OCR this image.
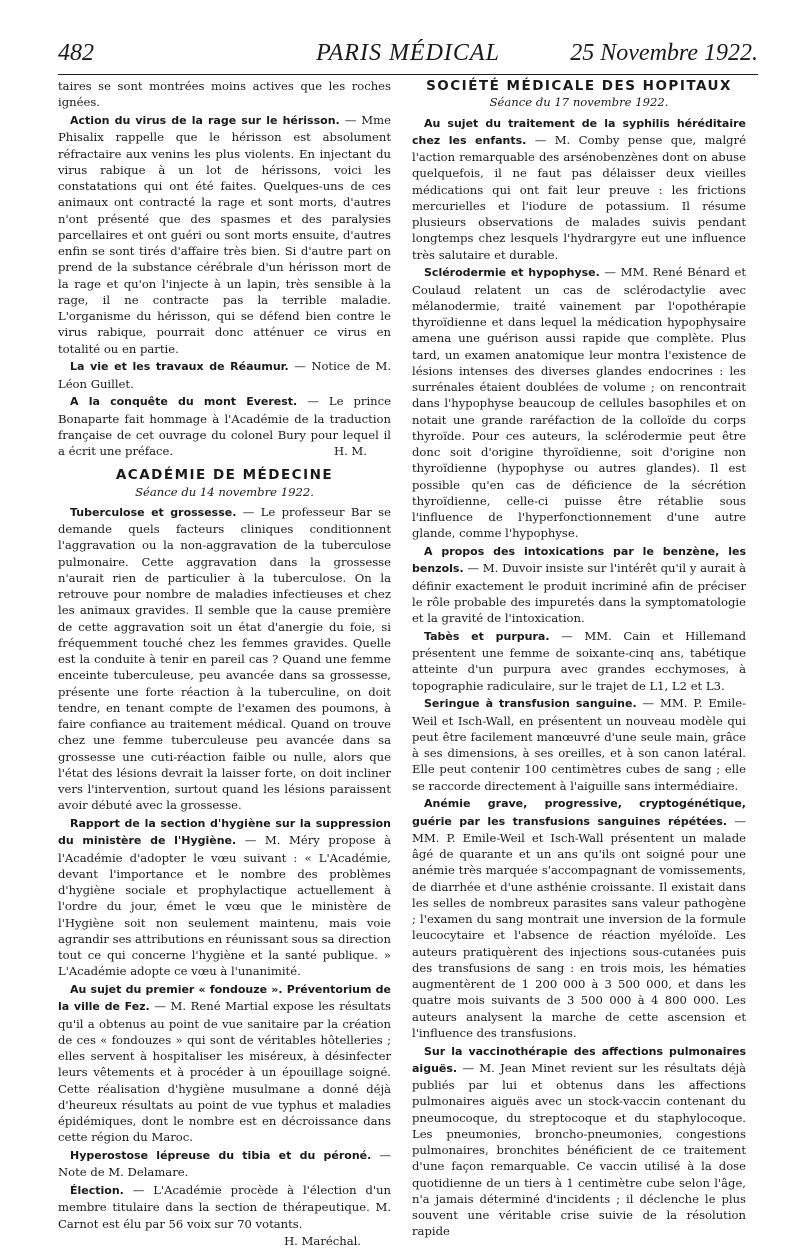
482	PARIS MÉDICAL	25 Novembre 1922.

taires se sont montrées moins actives que les roches ignées.

Action du virus de la rage sur le hérisson. — Mme Phisalix rappelle que le hérisson est absolument réfractaire aux venins les plus violents. En injectant du virus rabique à un lot de hérissons, voici les constatations qui ont été faites. Quelques-uns de ces animaux ont contracté la rage et sont morts, d'autres n'ont présenté que des spasmes et des paralysies parcellaires et ont guéri ou sont morts ensuite, d'autres enfin se sont tirés d'affaire très bien. Si d'autre part on prend de la substance cérébrale d'un hérisson mort de la rage et qu'on l'injecte à un lapin, très sensible à la rage, il ne contracte pas la terrible maladie. L'organisme du hérisson, qui se défend bien contre le virus rabique, pourrait donc atténuer ce virus en totalité ou en partie.

La vie et les travaux de Réaumur. — Notice de M. Léon Guillet.

A la conquête du mont Everest. — Le prince Bonaparte fait hommage à l'Académie de la traduction française de cet ouvrage du colonel Bury pour lequel il a écrit une préface.	H. M.

ACADÉMIE DE MÉDECINE
Séance du 14 novembre 1922.

Tuberculose et grossesse. — Le professeur Bar se demande quels facteurs cliniques conditionnent l'aggravation ou la non-aggravation de la tuberculose pulmonaire. Cette aggravation dans la grossesse n'aurait rien de particulier à la tuberculose. On la retrouve pour nombre de maladies infectieuses et chez les animaux gravides. Il semble que la cause première de cette aggravation soit un état d'anergie du foie, si fréquemment touché chez les femmes gravides. Quelle est la conduite à tenir en pareil cas ? Quand une femme enceinte tuberculeuse, peu avancée dans sa grossesse, présente une forte réaction à la tuberculine, on doit tendre, en tenant compte de l'examen des poumons, à faire confiance au traitement médical. Quand on trouve chez une femme tuberculeuse peu avancée dans sa grossesse une cuti-réaction faible ou nulle, alors que l'état des lésions devrait la laisser forte, on doit incliner vers l'intervention, surtout quand les lésions paraissent avoir débuté avec la grossesse.

Rapport de la section d'hygiène sur la suppression du ministère de l'Hygiène. — M. Méry propose à l'Académie d'adopter le vœu suivant : « L'Académie, devant l'importance et le nombre des problèmes d'hygiène sociale et prophylactique actuellement à l'ordre du jour, émet le vœu que le ministère de l'Hygiène soit non seulement maintenu, mais voie agrandir ses attributions en réunissant sous sa direction tout ce qui concerne l'hygiène et la santé publique. » L'Académie adopte ce vœu à l'unanimité.

Au sujet du premier « fondouze ». Préventorium de la ville de Fez. — M. René Martial expose les résultats qu'il a obtenus au point de vue sanitaire par la création de ces « fondouzes » qui sont de véritables hôtelleries ; elles servent à hospitaliser les miséreux, à désinfecter leurs vêtements et à procéder à un épouillage soigné. Cette réalisation d'hygiène musulmane a donné déjà d'heureux résultats au point de vue typhus et maladies épidémiques, dont le nombre est en décroissance dans cette région du Maroc.

Hyperostose lépreuse du tibia et du péroné. — Note de M. Delamare.

Élection. — L'Académie procède à l'élection d'un membre titulaire dans la section de thérapeutique. M. Carnot est élu par 56 voix sur 70 votants.

H. Maréchal.

SOCIÉTÉ MÉDICALE DES HOPITAUX
Séance du 17 novembre 1922.

Au sujet du traitement de la syphilis héréditaire chez les enfants. — M. Comby pense que, malgré l'action remarquable des arsénobenzènes dont on abuse quelquefois, il ne faut pas délaisser deux vieilles médications qui ont fait leur preuve : les frictions mercurielles et l'iodure de potassium. Il résume plusieurs observations de malades suivis pendant longtemps chez lesquels l'hydrargyre eut une influence très salutaire et durable.

Sclérodermie et hypophyse. — MM. René Bénard et Coulaud relatent un cas de sclérodactylie avec mélanodermie, traité vainement par l'opothérapie thyroïdienne et dans lequel la médication hypophysaire amena une guérison aussi rapide que complète. Plus tard, un examen anatomique leur montra l'existence de lésions intenses des diverses glandes endocrines : les surrénales étaient doublées de volume ; on rencontrait dans l'hypophyse beaucoup de cellules basophiles et on notait une grande raréfaction de la colloïde du corps thyroïde. Pour ces auteurs, la sclérodermie peut être donc soit d'origine thyroïdienne, soit d'origine non thyroïdienne (hypophyse ou autres glandes). Il est possible qu'en cas de déficience de la sécrétion thyroïdienne, celle-ci puisse être rétablie sous l'influence de l'hyperfonctionnement d'une autre glande, comme l'hypophyse.

A propos des intoxications par le benzène, les benzols. — M. Duvoir insiste sur l'intérêt qu'il y aurait à définir exactement le produit incriminé afin de préciser le rôle probable des impuretés dans la symptomatologie et la gravité de l'intoxication.

Tabès et purpura. — MM. Cain et Hillemand présentent une femme de soixante-cinq ans, tabétique atteinte d'un purpura avec grandes ecchymoses, à topographie radiculaire, sur le trajet de L1, L2 et L3.

Seringue à transfusion sanguine. — MM. P. Emile-Weil et Isch-Wall, en présentent un nouveau modèle qui peut être facilement manœuvré d'une seule main, grâce à ses dimensions, à ses oreilles, et à son canon latéral. Elle peut contenir 100 centimètres cubes de sang ; elle se raccorde directement à l'aiguille sans intermédiaire.

Anémie grave, progressive, cryptogénétique, guérie par les transfusions sanguines répétées. — MM. P. Emile-Weil et Isch-Wall présentent un malade âgé de quarante et un ans qu'ils ont soigné pour une anémie très marquée s'accompagnant de vomissements, de diarrhée et d'une asthénie croissante. Il existait dans les selles de nombreux parasites sans valeur pathogène ; l'examen du sang montrait une inversion de la formule leucocytaire et l'absence de réaction myéloïde. Les auteurs pratiquèrent des injections sous-cutanées puis des transfusions de sang : en trois mois, les hématies augmentèrent de 1 200 000 à 3 500 000, et dans les quatre mois suivants de 3 500 000 à 4 800 000. Les auteurs analysent la marche de cette ascension et l'influence des transfusions.

Sur la vaccinothérapie des affections pulmonaires aiguës. — M. Jean Minet revient sur les résultats déjà publiés par lui et obtenus dans les affections pulmonaires aiguës avec un stock-vaccin contenant du pneumocoque, du streptocoque et du staphylocoque. Les pneumonies, broncho-pneumonies, congestions pulmonaires, bronchites bénéficient de ce traitement d'une façon remarquable. Ce vaccin utilisé à la dose quotidienne de un tiers à 1 centimètre cube selon l'âge, n'a jamais déterminé d'incidents ; il déclenche le plus souvent une véritable crise suivie de la résolution rapide
